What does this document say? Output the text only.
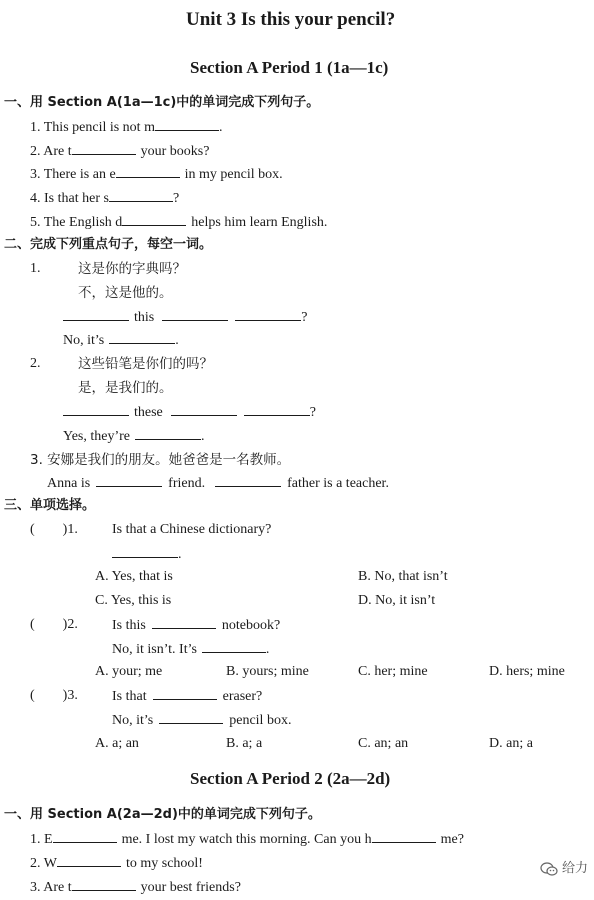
Unit 3 Is this your pencil?
Section A Period 1 (1a—1c)
一、用 Section A(1a—1c)中的单词完成下列句子。
1. This pencil is not m	.
2. Are t	your books?
3. There is an e	in my pencil box.
4. Is that her s	?
5. The English d	helps him learn English.
二、完成下列重点句子，每空一词。
1.	这是你的字典吗？
不，这是他的。
this	?
No, it’s	.
2.	这些铅笔是你们的吗？
是，是我们的。
these	?
Yes, they’re	.
3. 安娜是我们的朋友。她爸爸是一名教师。
Anna is	friend.	father is a teacher.
三、单项选择。
(　　)1. Is that a Chinese dictionary?
.
A. Yes, that is	B. No, that isn’t
C. Yes, this is	D. No, it isn’t
(　　)2. Is this	notebook?
No, it isn’t. It’s	.
A. your; me	B. yours; mine	C. her; mine	D. hers; mine
(　　)3. Is that	eraser?
No, it’s	pencil box.
A. a; an	B. a; a	C. an; an	D. an; a
Section A Period 2 (2a—2d)
一、用 Section A(2a—2d)中的单词完成下列句子。
1. E	me. I lost my watch this morning. Can you h	me?
2. W	to my school!
3. Are t	your best friends?
给力
